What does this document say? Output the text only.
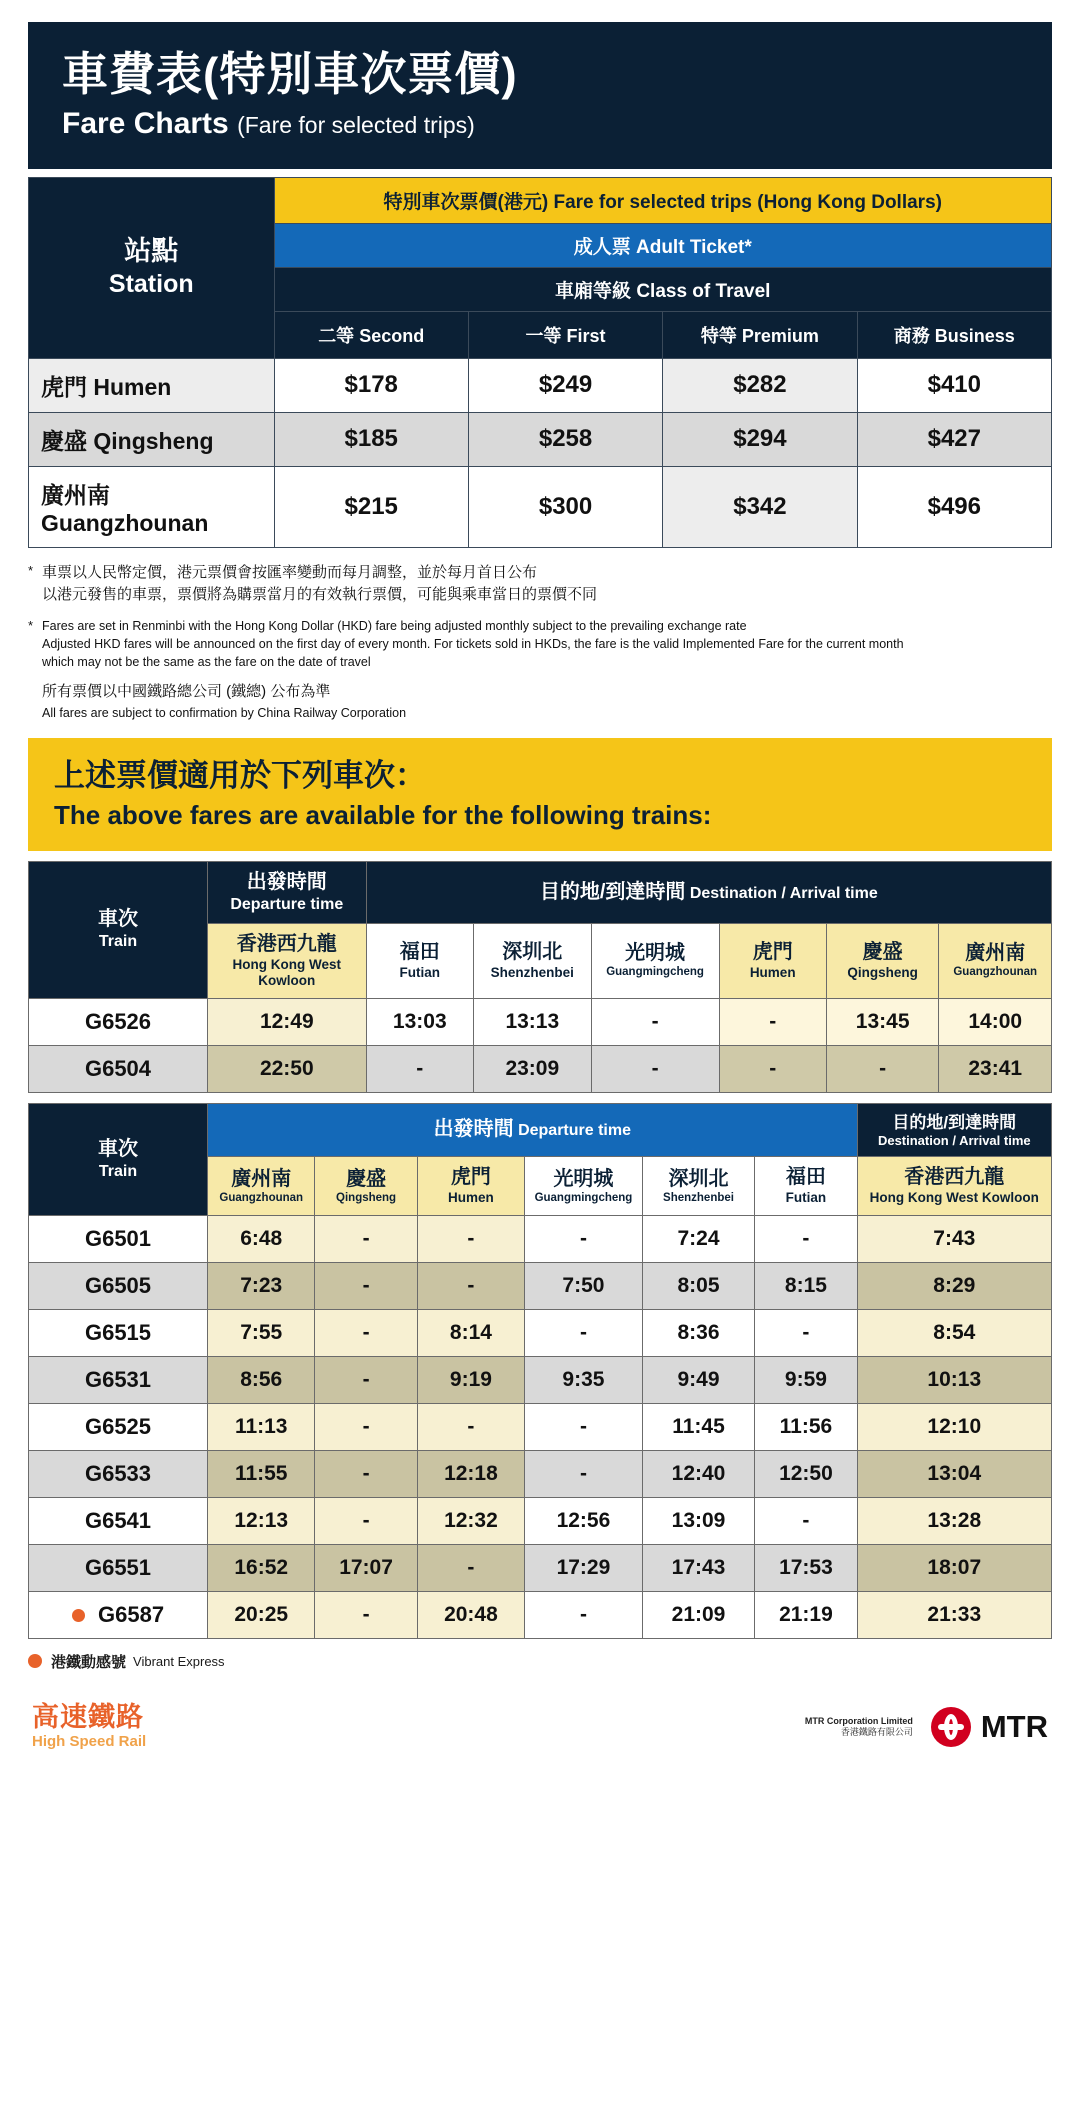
車費表(特別車次票價)
Fare Charts (Fare for selected trips)
站點
Station	特別車次票價(港元) Fare for selected trips (Hong Kong Dollars)			
	成人票 Adult Ticket*			
	車廂等級 Class of Travel			
	二等 Second	一等 First	特等 Premium	商務 Business
虎門 Humen	$178	$249	$282	$410
慶盛 Qingsheng	$185	$258	$294	$427
廣州南 Guangzhounan	$215	$300	$342	$496
* 車票以人民幣定價，港元票價會按匯率變動而每月調整，並於每月首日公布
以港元發售的車票，票價將為購票當月的有效執行票價，可能與乘車當日的票價不同
* Fares are set in Renminbi with the Hong Kong Dollar (HKD) fare being adjusted monthly subject to the prevailing exchange rate
Adjusted HKD fares will be announced on the first day of every month. For tickets sold in HKDs, the fare is the valid Implemented Fare for the current month
which may not be the same as the fare on the date of travel
所有票價以中國鐵路總公司 (鐵總) 公布為準
All fares are subject to confirmation by China Railway Corporation
上述票價適用於下列車次：
The above fares are available for the following trains:
車次
Train	出發時間
Departure time	目的地/到達時間 Destination / Arrival time					

	香港西九龍
Hong Kong West Kowloon	福田
Futian	深圳北
Shenzhenbei	光明城
Guangmingcheng	虎門
Humen	慶盛
Qingsheng	廣州南
Guangzhounan

G6526	12:49	13:03	13:13	-	-	13:45	14:00
G6504	22:50	-	23:09	-	-	-	23:41
車次
Train	出發時間 Departure time						目的地/到達時間
Destination / Arrival time

	廣州南
Guangzhounan	慶盛
Qingsheng	虎門
Humen	光明城
Guangmingcheng	深圳北
Shenzhenbei	福田
Futian	香港西九龍
Hong Kong West Kowloon

G6501	6:48	-	-	-	7:24	-	7:43
G6505	7:23	-	-	7:50	8:05	8:15	8:29
G6515	7:55	-	8:14	-	8:36	-	8:54
G6531	8:56	-	9:19	9:35	9:49	9:59	10:13
G6525	11:13	-	-	-	11:45	11:56	12:10
G6533	11:55	-	12:18	-	12:40	12:50	13:04
G6541	12:13	-	12:32	12:56	13:09	-	13:28
G6551	16:52	17:07	-	17:29	17:43	17:53	18:07
G6587	20:25	-	20:48	-	21:09	21:19	21:33
港鐵動感號 Vibrant Express
高速鐵路
High Speed Rail
MTR Corporation Limited
香港鐵路有限公司 MTR
